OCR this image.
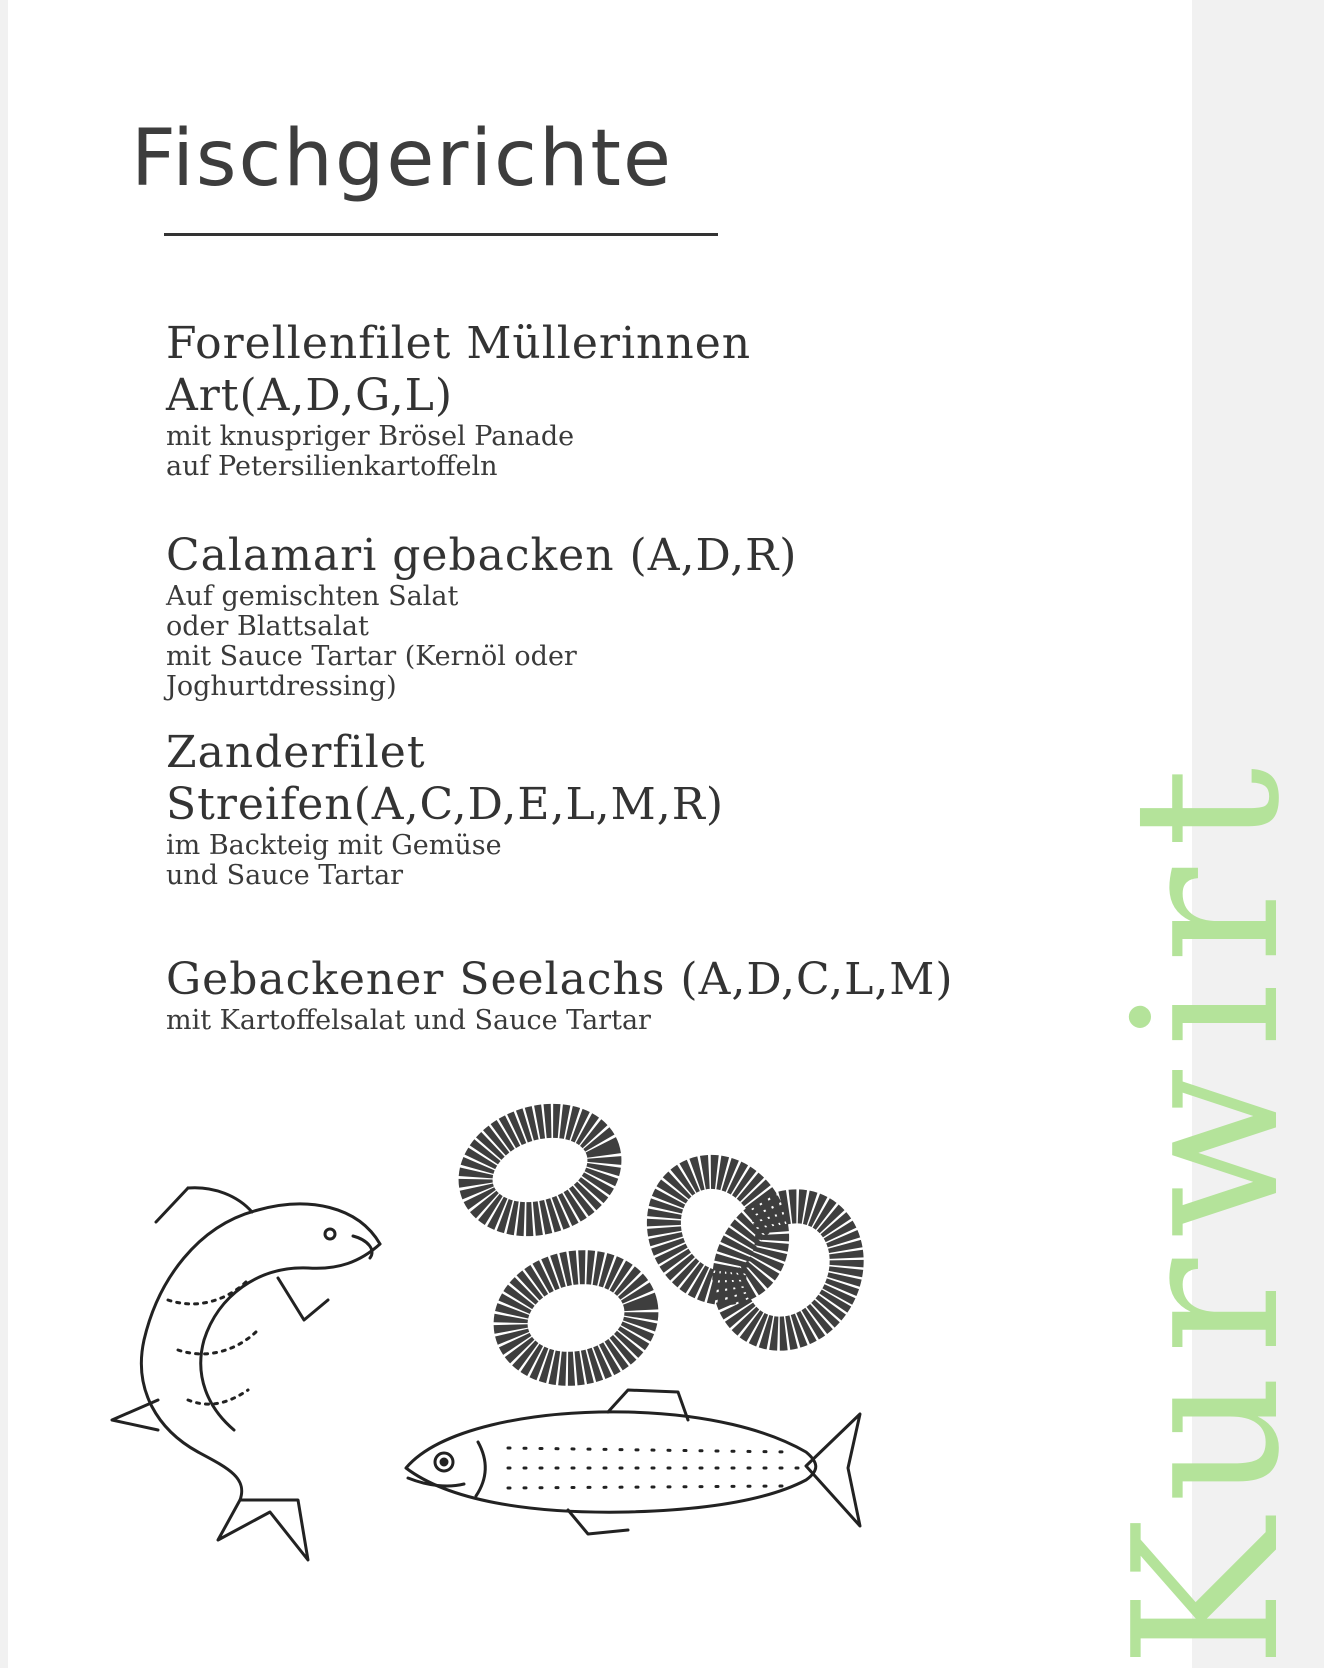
Fischgerichte
Kurwirt

Forellenfilet Müllerinnen

Art(A,D,G,L)

mit knuspriger Brösel Panade

auf Petersilienkartoffeln

Calamari gebacken (A,D,R)

Auf gemischten Salat

oder Blattsalat

mit Sauce Tartar (Kernöl oder

Joghurtdressing)

Zanderfilet

Streifen(A,C,D,E,L,M,R)

im Backteig mit Gemüse

und Sauce Tartar

Gebackener Seelachs (A,D,C,L,M)

mit Kartoffelsalat und Sauce Tartar
